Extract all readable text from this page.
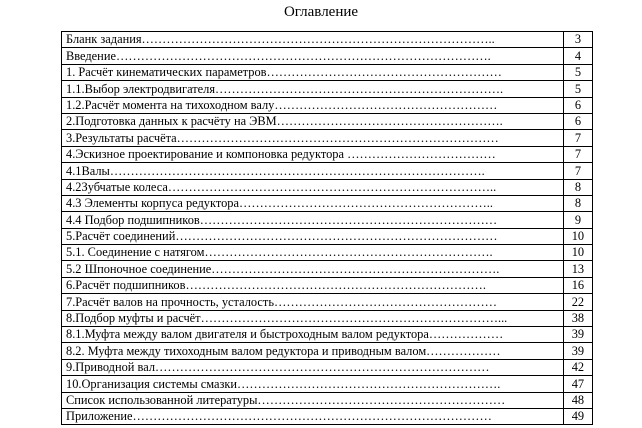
Оглавление
Бланк задания…………………………………………………………………………..	3
Введение……………………………………………………………………………….	4
1. Расчёт кинематических параметров…………………………………………………	5
1.1.Выбор электродвигателя…………………………………………………………….	5
1.2.Расчёт момента на тихоходном валу………………………………………………	6
2.Подготовка данных к расчёту на ЭВМ……………………………………………….	6
3.Результаты расчёта……………………………………………………………………	7
4.Эскизное проектирование и компоновка редуктора ………………………………	7
4.1Валы……………………………………………………………………………….	7
4.2Зубчатые колеса……………………………………………………………………..	8
4.3 Элементы корпуса редуктора……………………………………………………..	8
4.4 Подбор подшипников………………………………………………………………	9
5.Расчёт соединений……………………………………………………………………	10
5.1. Соединение с натягом…………………………………………………………….	10
5.2 Шпоночное соединение…………………………………………………………….	13
6.Расчёт подшипников……………………………………………………………….	16
7.Расчёт валов на прочность, усталость………………………………………………	22
8.Подбор муфты и расчёт………………………………………………………………...	38
8.1.Муфта между валом двигателя и быстроходным валом редуктора………………	39
8.2. Муфта между тихоходным валом редуктора и приводным валом………………	39
9.Приводной вал………………………………………………………………………	42
10.Организация системы смазки……………………………………………………….	47
Список использованной литературы……………………………………………………	48
Приложение……………………………………………………………………………	49
